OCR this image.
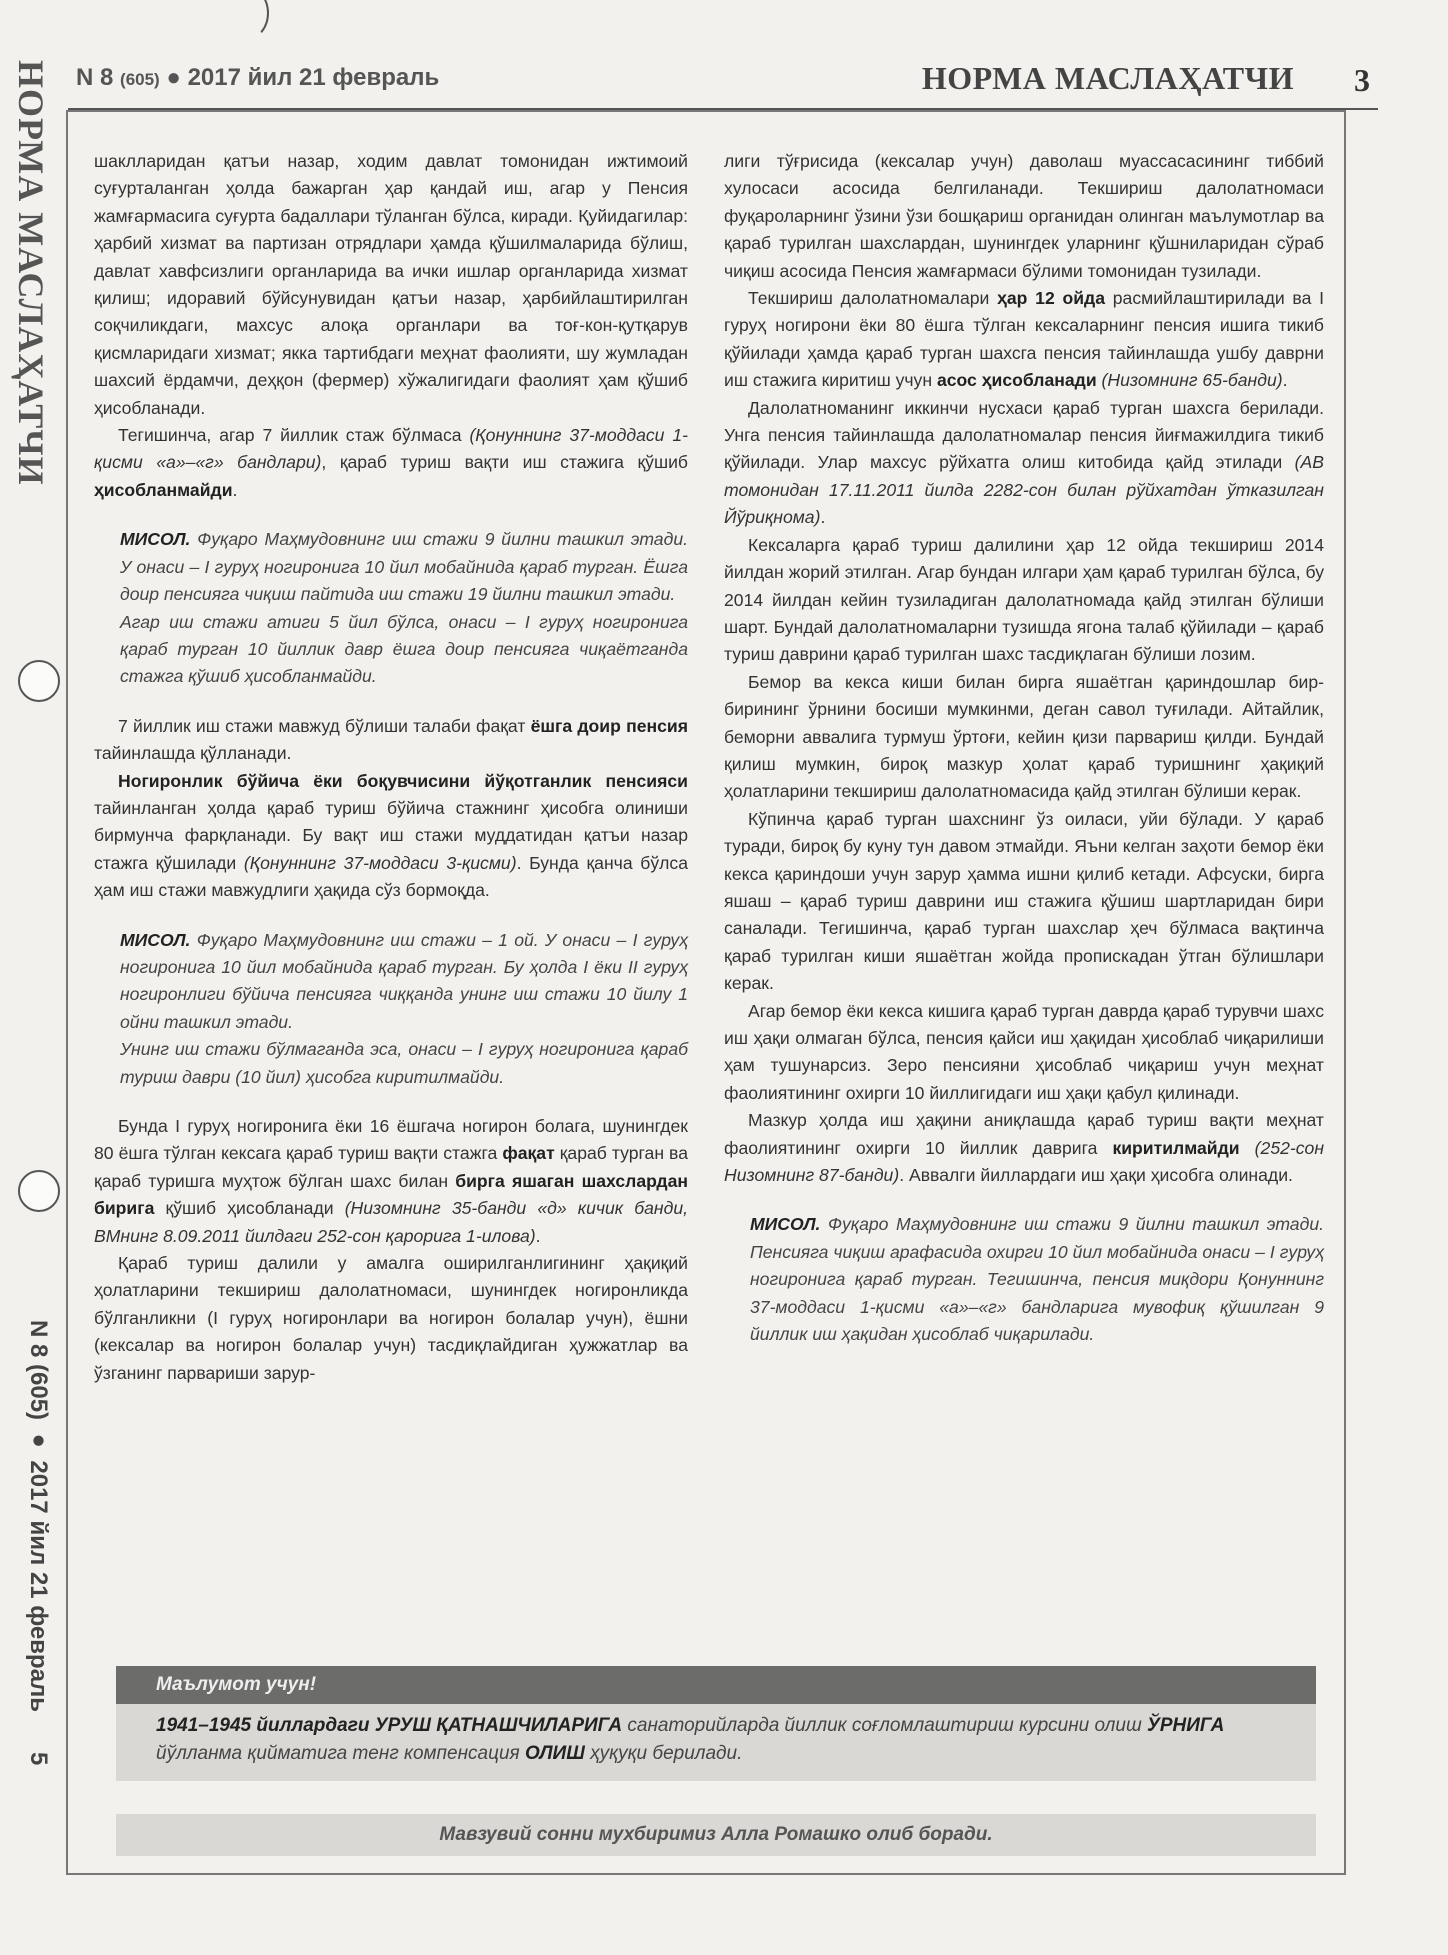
НОРМА МАСЛАҲАТЧИ
N 8 (605) ● 2017 йил 21 февраль      5
N 8 (605) ● 2017 йил 21 февраль	НОРМА МАСЛАҲАТЧИ 3

шаклларидан қатъи назар, ходим давлат томонидан ижтимоий суғурталанган ҳолда бажарган ҳар қандай иш, агар у Пенсия жамғармасига суғурта бадаллари тўланган бўлса, киради. Қуйидагилар: ҳарбий хизмат ва партизан отрядлари ҳамда қўшилмаларида бўлиш, давлат хавфсизлиги органларида ва ички ишлар органларида хизмат қилиш; идоравий бўйсунувидан қатъи назар, ҳарбийлаштирилган соқчиликдаги, махсус алоқа органлари ва тоғ-кон-қутқарув қисмларидаги хизмат; якка тартибдаги меҳнат фаолияти, шу жумладан шахсий ёрдамчи, деҳқон (фермер) хўжалигидаги фаолият ҳам қўшиб ҳисобланади.

Тегишинча, агар 7 йиллик стаж бўлмаса (Қонуннинг 37-моддаси 1-қисми «а»–«г» бандлари), қараб туриш вақти иш стажига қўшиб ҳисобланмайди.

МИСОЛ. Фуқаро Маҳмудовнинг иш стажи 9 йилни ташкил этади. У онаси – I гуруҳ ногиронига 10 йил мобайнида қараб турган. Ёшга доир пенсияга чиқиш пайтида иш стажи 19 йилни ташкил этади.

Агар иш стажи атиги 5 йил бўлса, онаси – I гуруҳ ногиронига қараб турган 10 йиллик давр ёшга доир пенсияга чиқаётганда стажга қўшиб ҳисобланмайди.

7 йиллик иш стажи мавжуд бўлиши талаби фақат ёшга доир пенсия тайинлашда қўлланади.

Ногиронлик бўйича ёки боқувчисини йўқотганлик пенсияси тайинланган ҳолда қараб туриш бўйича стажнинг ҳисобга олиниши бирмунча фарқланади. Бу вақт иш стажи муддатидан қатъи назар стажга қўшилади (Қонуннинг 37-моддаси 3-қисми). Бунда қанча бўлса ҳам иш стажи мавжудлиги ҳақида сўз бормоқда.

МИСОЛ. Фуқаро Маҳмудовнинг иш стажи – 1 ой. У онаси – I гуруҳ ногиронига 10 йил мобайнида қараб турган. Бу ҳолда I ёки II гуруҳ ногиронлиги бўйича пенсияга чиққанда унинг иш стажи 10 йилу 1 ойни ташкил этади.

Унинг иш стажи бўлмаганда эса, онаси – I гуруҳ ногиронига қараб туриш даври (10 йил) ҳисобга киритилмайди.

Бунда I гуруҳ ногиронига ёки 16 ёшгача ногирон болага, шунингдек 80 ёшга тўлган кексага қараб туриш вақти стажга фақат қараб турган ва қараб туришга муҳтож бўлган шахс билан бирга яшаган шахслардан бирига қўшиб ҳисобланади (Низомнинг 35-банди «д» кичик банди, ВМнинг 8.09.2011 йилдаги 252-сон қарорига 1-илова).

Қараб туриш далили у амалга оширилганлигининг ҳақиқий ҳолатларини текшириш далолатномаси, шунингдек ногиронликда бўлганликни (I гуруҳ ногиронлари ва ногирон болалар учун), ёшни (кексалар ва ногирон болалар учун) тасдиқлайдиган ҳужжатлар ва ўзганинг парвариши зарур-

лиги тўғрисида (кексалар учун) даволаш муассасасининг тиббий хулосаси асосида белгиланади. Текшириш далолатномаси фуқароларнинг ўзини ўзи бошқариш органидан олинган маълумотлар ва қараб турилган шахслардан, шунингдек уларнинг қўшниларидан сўраб чиқиш асосида Пенсия жамғармаси бўлими томонидан тузилади.

Текшириш далолатномалари ҳар 12 ойда расмийлаштирилади ва I гуруҳ ногирони ёки 80 ёшга тўлган кексаларнинг пенсия ишига тикиб қўйилади ҳамда қараб турган шахсга пенсия тайинлашда ушбу даврни иш стажига киритиш учун асос ҳисобланади (Низомнинг 65-банди).

Далолатноманинг иккинчи нусхаси қараб турган шахсга берилади. Унга пенсия тайинлашда далолатномалар пенсия йиғмажилдига тикиб қўйилади. Улар махсус рўйхатга олиш китобида қайд этилади (АВ томонидан 17.11.2011 йилда 2282-сон билан рўйхатдан ўтказилган Йўриқнома).

Кексаларга қараб туриш далилини ҳар 12 ойда текшириш 2014 йилдан жорий этилган. Агар бундан илгари ҳам қараб турилган бўлса, бу 2014 йилдан кейин тузиладиган далолатномада қайд этилган бўлиши шарт. Бундай далолатномаларни тузишда ягона талаб қўйилади – қараб туриш даврини қараб турилган шахс тасдиқлаган бўлиши лозим.

Бемор ва кекса киши билан бирга яшаётган қариндошлар бир-бирининг ўрнини босиши мумкинми, деган савол туғилади. Айтайлик, беморни аввалига турмуш ўртоғи, кейин қизи парвариш қилди. Бундай қилиш мумкин, бироқ мазкур ҳолат қараб туришнинг ҳақиқий ҳолатларини текшириш далолатномасида қайд этилган бўлиши керак.

Кўпинча қараб турган шахснинг ўз оиласи, уйи бўлади. У қараб туради, бироқ бу куну тун давом этмайди. Яъни келган заҳоти бемор ёки кекса қариндоши учун зарур ҳамма ишни қилиб кетади. Афсуски, бирга яшаш – қараб туриш даврини иш стажига қўшиш шартларидан бири саналади. Тегишинча, қараб турган шахслар ҳеч бўлмаса вақтинча қараб турилган киши яшаётган жойда пропискадан ўтган бўлишлари керак.

Агар бемор ёки кекса кишига қараб турган даврда қараб турувчи шахс иш ҳақи олмаган бўлса, пенсия қайси иш ҳақидан ҳисоблаб чиқарилиши ҳам тушунарсиз. Зеро пенсияни ҳисоблаб чиқариш учун меҳнат фаолиятининг охирги 10 йиллигидаги иш ҳақи қабул қилинади.

Мазкур ҳолда иш ҳақини аниқлашда қараб туриш вақти меҳнат фаолиятининг охирги 10 йиллик даврига киритилмайди (252-сон Низомнинг 87-банди). Аввалги йиллардаги иш ҳақи ҳисобга олинади.

МИСОЛ. Фуқаро Маҳмудовнинг иш стажи 9 йилни ташкил этади. Пенсияга чиқиш арафасида охирги 10 йил мобайнида онаси – I гуруҳ ногиронига қараб турган. Тегишинча, пенсия миқдори Қонуннинг 37-моддаси 1-қисми «а»–«г» бандларига мувофиқ қўшилган 9 йиллик иш ҳақидан ҳисоблаб чиқарилади.

Маълумот учун!
1941–1945 йиллардаги УРУШ ҚАТНАШЧИЛАРИГА санаторийларда йиллик соғломлаштириш курсини олиш ЎРНИГА йўлланма қийматига тенг компенсация ОЛИШ ҳуқуқи берилади.
Мавзувий сонни мухбиримиз Алла Ромашко олиб боради.
